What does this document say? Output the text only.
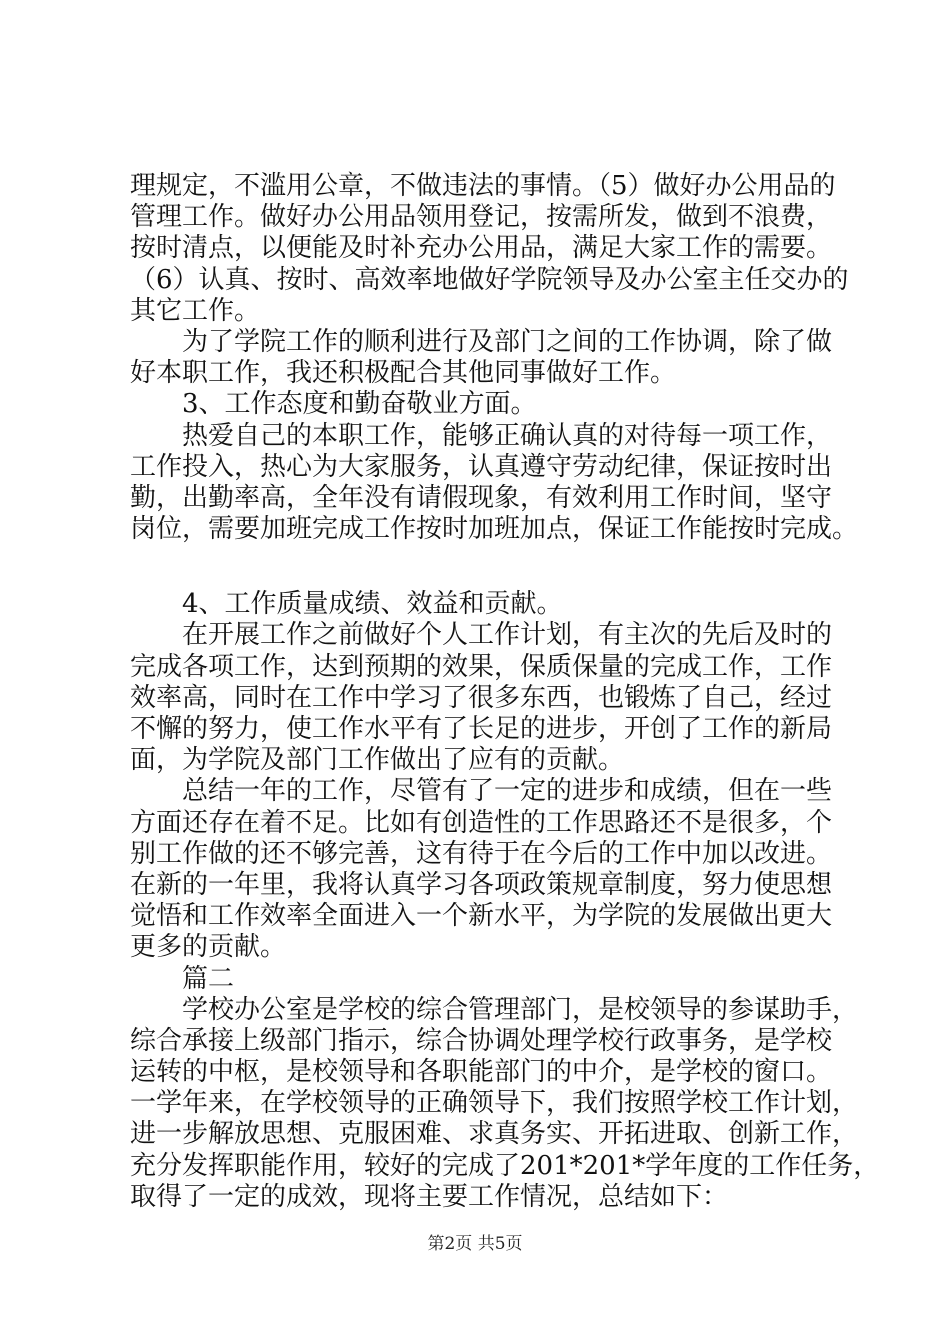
理规定，不滥用公章，不做违法的事情。（5）做好办公用品的
管理工作。做好办公用品领用登记，按需所发，做到不浪费，
按时清点，以便能及时补充办公用品，满足大家工作的需要。
（6）认真、按时、高效率地做好学院领导及办公室主任交办的
其它工作。
　　为了学院工作的顺利进行及部门之间的工作协调，除了做
好本职工作，我还积极配合其他同事做好工作。
　　3、工作态度和勤奋敬业方面。
　　热爱自己的本职工作，能够正确认真的对待每一项工作，
工作投入，热心为大家服务，认真遵守劳动纪律，保证按时出
勤，出勤率高，全年没有请假现象，有效利用工作时间，坚守
岗位，需要加班完成工作按时加班加点，保证工作能按时完成。
　　4、工作质量成绩、效益和贡献。
　　在开展工作之前做好个人工作计划，有主次的先后及时的
完成各项工作，达到预期的效果，保质保量的完成工作，工作
效率高，同时在工作中学习了很多东西，也锻炼了自己，经过
不懈的努力，使工作水平有了长足的进步，开创了工作的新局
面，为学院及部门工作做出了应有的贡献。
　　总结一年的工作，尽管有了一定的进步和成绩，但在一些
方面还存在着不足。比如有创造性的工作思路还不是很多，个
别工作做的还不够完善，这有待于在今后的工作中加以改进。
在新的一年里，我将认真学习各项政策规章制度，努力使思想
觉悟和工作效率全面进入一个新水平，为学院的发展做出更大
更多的贡献。
　　篇二
　　学校办公室是学校的综合管理部门，是校领导的参谋助手，
综合承接上级部门指示，综合协调处理学校行政事务，是学校
运转的中枢，是校领导和各职能部门的中介，是学校的窗口。
一学年来，在学校领导的正确领导下，我们按照学校工作计划，
进一步解放思想、克服困难、求真务实、开拓进取、创新工作，
充分发挥职能作用，较好的完成了201*201*学年度的工作任务，
取得了一定的成效，现将主要工作情况，总结如下：
第2页 共5页
